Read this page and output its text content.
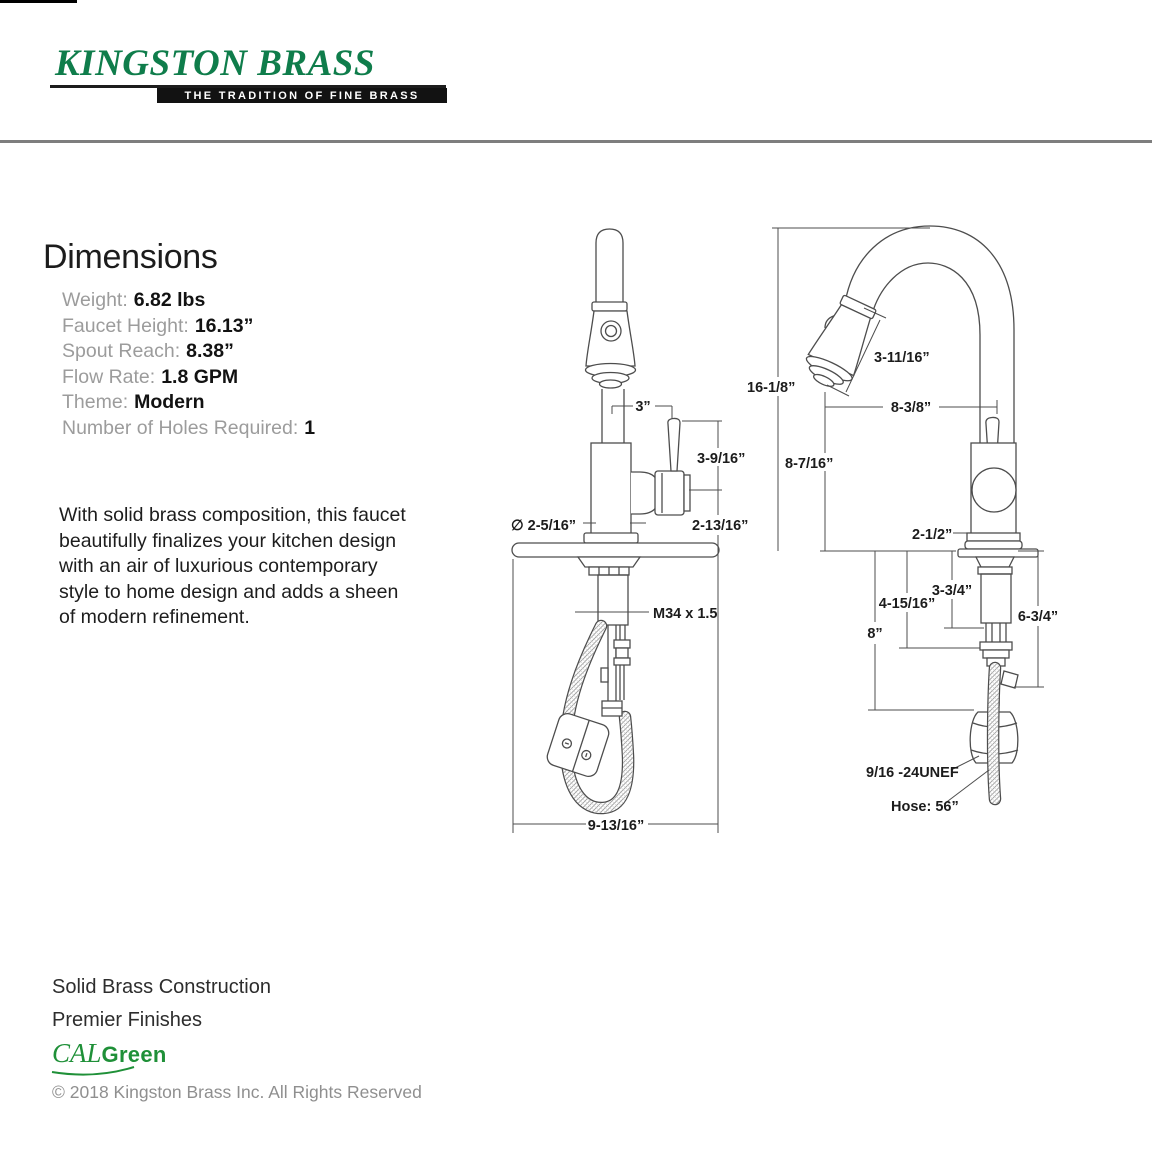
KINGSTON BRASS
THE TRADITION OF FINE BRASS
Dimensions
Weight: 6.82 lbs
Faucet Height: 16.13”
Spout Reach: 8.38”
Flow Rate: 1.8 GPM
Theme: Modern
Number of Holes Required: 1
With solid brass composition, this faucet beautifully finalizes your kitchen design with an air of luxurious contemporary style to home design and adds a sheen of modern refinement.
3”
3-9/16”
2-13/16”
∅ 2-5/16”
M34 x 1.5
9-13/16”
16-1/8”
3-11/16”
8-3/8”
8-7/16”
2-1/2”
3-3/4”
4-15/16”
8”
6-3/4”
9/16 -24UNEF
Hose: 56”
Solid Brass Construction
Premier Finishes
CAL Green
© 2018 Kingston Brass Inc. All Rights Reserved
